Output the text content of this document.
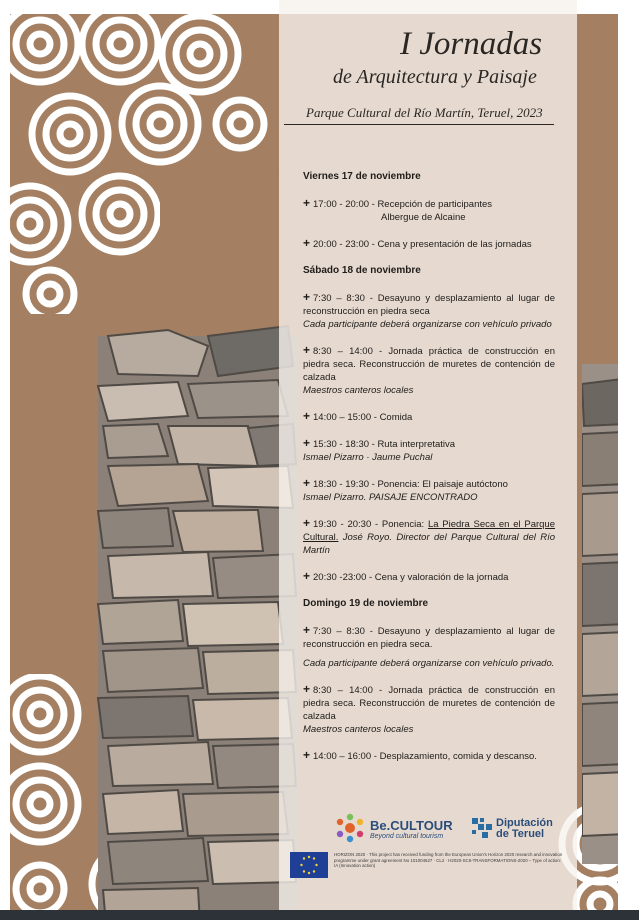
I Jornadas
de Arquitectura y Paisaje
Parque Cultural del Río Martín, Teruel, 2023
Viernes 17 de noviembre
+ 17:00 - 20:00 - Recepción de participantes
Albergue de Alcaine
+ 20:00 - 23:00 - Cena y presentación de las jornadas
Sábado 18 de noviembre
+ 7:30 – 8:30 - Desayuno y desplazamiento al lugar de reconstrucción en piedra seca
Cada participante deberá organizarse con vehículo privado
+ 8:30 – 14:00 - Jornada práctica de construcción en piedra seca. Reconstrucción de muretes de contención de calzada
Maestros canteros locales
+ 14:00 – 15:00 - Comida
+ 15:30 - 18:30 - Ruta interpretativa
Ismael Pizarro · Jaume Puchal
+ 18:30 - 19:30 - Ponencia: El paisaje autóctono
Ismael Pizarro. PAISAJE ENCONTRADO
+ 19:30 - 20:30 - Ponencia: La Piedra Seca en el Parque Cultural. José Royo. Director del Parque Cultural del Río Martín
+ 20:30 -23:00 - Cena y valoración de la jornada
Domingo 19 de noviembre
+ 7:30 – 8:30 - Desayuno y desplazamiento al lugar de reconstrucción en piedra seca.
Cada participante deberá organizarse con vehículo privado.
+ 8:30 – 14:00 - Jornada práctica de construcción en piedra seca. Reconstrucción de muretes de contención de calzada
Maestros canteros locales
+ 14:00 – 16:00 - Desplazamiento, comida y descanso.
Be.CULTOUR
Beyond cultural tourism
Diputación de Teruel
HORIZON 2020 · This project has received funding from the European Union's Horizon 2020 research and innovation programme under grant agreement No 101004627 · CL2 · H2020-SC6-TRANSFORMATIONS-2020 – Type of action: IA (Innovation action)
